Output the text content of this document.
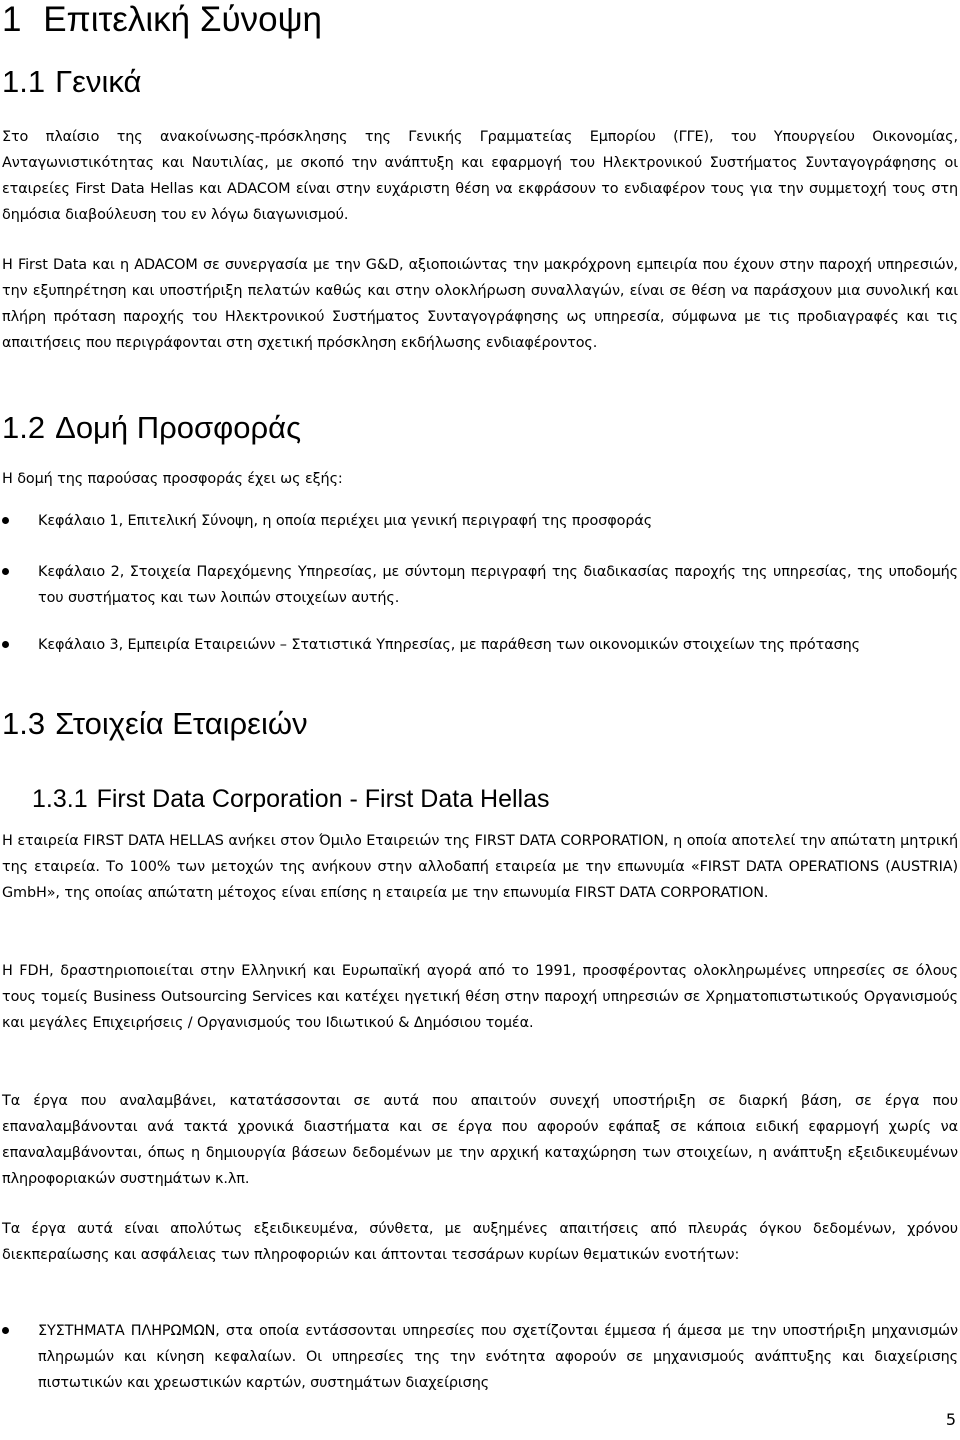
1 Επιτελική Σύνοψη
1.1 Γενικά

Στο πλαίσιο της ανακοίνωσης-πρόσκλησης της Γενικής Γραμματείας Εμπορίου (ΓΓΕ), του Υπουργείου Οικονομίας, Ανταγωνιστικότητας και Ναυτιλίας, με σκοπό την ανάπτυξη και εφαρμογή του Ηλεκτρονικού Συστήματος Συνταγογράφησης οι εταιρείες First Data Hellas και ADACOM είναι στην ευχάριστη θέση να εκφράσουν το ενδιαφέρον τους για την συμμετοχή τους στη δημόσια διαβούλευση του εν λόγω διαγωνισμού.

Η First Data και η ADACOM σε συνεργασία με την G&D, αξιοποιώντας την μακρόχρονη εμπειρία που έχουν στην παροχή υπηρεσιών, την εξυπηρέτηση και υποστήριξη πελατών καθώς και στην ολοκλήρωση συναλλαγών, είναι σε θέση να παράσχουν μια συνολική και πλήρη πρόταση παροχής του Ηλεκτρονικού Συστήματος Συνταγογράφησης ως υπηρεσία, σύμφωνα με τις προδιαγραφές και τις απαιτήσεις που περιγράφονται στη σχετική πρόσκληση εκδήλωσης ενδιαφέροντος.

1.2 Δομή Προσφοράς

Η δομή της παρούσας προσφοράς έχει ως εξής:

Κεφάλαιο 1, Επιτελική Σύνοψη, η οποία περιέχει μια γενική περιγραφή της προσφοράς
Κεφάλαιο 2, Στοιχεία Παρεχόμενης Υπηρεσίας, με σύντομη περιγραφή της διαδικασίας παροχής της υπηρεσίας, της υποδομής του συστήματος και των λοιπών στοιχείων αυτής.
Κεφάλαιο 3, Εμπειρία Εταιρειώνν – Στατιστικά Υπηρεσίας, με παράθεση των οικονομικών στοιχείων της πρότασης
1.3 Στοιχεία Εταιρειών
1.3.1 First Data Corporation - First Data Hellas

Η εταιρεία FIRST DATA HELLAS ανήκει στον Όμιλο Εταιρειών της FIRST DATA CORPORATION, η οποία αποτελεί την απώτατη μητρική της εταιρεία. Το 100% των μετοχών της ανήκουν στην αλλοδαπή εταιρεία με την επωνυμία «FIRST DATA OPERATIONS (AUSTRIA) GmbH», της οποίας απώτατη μέτοχος είναι επίσης η εταιρεία με την επωνυμία FIRST DATA CORPORATION.

Η FDH, δραστηριοποιείται στην Ελληνική και Ευρωπαϊκή αγορά από το 1991, προσφέροντας ολοκληρωμένες υπηρεσίες σε όλους τους τομείς Business Outsourcing Services και κατέχει ηγετική θέση στην παροχή υπηρεσιών σε Χρηματοπιστωτικούς Οργανισμούς και μεγάλες Επιχειρήσεις / Οργανισμούς του Ιδιωτικού & Δημόσιου τομέα.

Τα έργα που αναλαμβάνει, κατατάσσονται σε αυτά που απαιτούν συνεχή υποστήριξη σε διαρκή βάση, σε έργα που επαναλαμβάνονται ανά τακτά χρονικά διαστήματα και σε έργα που αφορούν εφάπαξ σε κάποια ειδική εφαρμογή χωρίς να επαναλαμβάνονται, όπως η δημιουργία βάσεων δεδομένων με την αρχική καταχώρηση των στοιχείων, η ανάπτυξη εξειδικευμένων πληροφοριακών συστημάτων κ.λπ.

Τα έργα αυτά είναι απολύτως εξειδικευμένα, σύνθετα, με αυξημένες απαιτήσεις από πλευράς όγκου δεδομένων, χρόνου διεκπεραίωσης και ασφάλειας των πληροφοριών και άπτονται τεσσάρων κυρίων θεματικών ενοτήτων:

ΣΥΣΤΗΜΑΤΑ ΠΛΗΡΩΜΩΝ, στα οποία εντάσσονται υπηρεσίες που σχετίζονται έμμεσα ή άμεσα με την υποστήριξη μηχανισμών πληρωμών και κίνηση κεφαλαίων. Οι υπηρεσίες της την ενότητα αφορούν σε μηχανισμούς ανάπτυξης και διαχείρισης πιστωτικών και χρεωστικών καρτών, συστημάτων διαχείρισης
5
